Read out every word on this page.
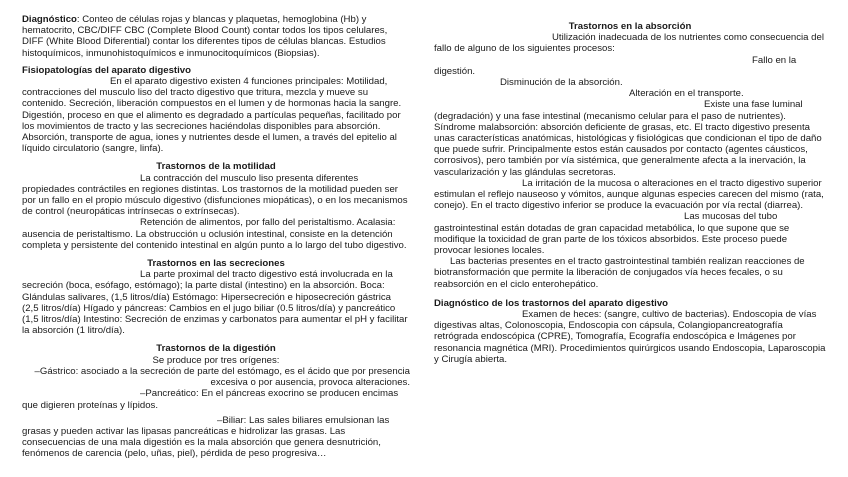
Diagnóstico: Conteo de células rojas y blancas y plaquetas, hemoglobina (Hb) y hematocrito, CBC/DIFF CBC (Complete Blood Count) contar todos los tipos celulares, DIFF (White Blood Diferential) contar los diferentes tipos de células blancas. Estudios histoquímicos, inmunohistoquímicos e inmunocitoquímicos (Biopsias).

Fisiopatologías del aparato digestivo

En el aparato digestivo existen 4 funciones principales: Motilidad, contracciones del musculo liso del tracto digestivo que tritura, mezcla y mueve su contenido. Secreción, liberación compuestos en el lumen y de hormonas hacia la sangre. Digestión, proceso en que el alimento es degradado a partículas pequeñas, facilitado por los movimientos de tracto y las secreciones haciéndolas disponibles para absorción. Absorción, transporte de agua, iones y nutrientes desde el lumen, a través del epitelio al líquido circulatorio (sangre, linfa).

Trastornos de la motilidad

La contracción del musculo liso presenta diferentes propiedades contráctiles en regiones distintas. Los trastornos de la motilidad pueden ser por un fallo en el propio músculo digestivo (disfunciones miopáticas), o en los mecanismos de control (neuropáticas intrínsecas o extrínsecas).

Retención de alimentos, por fallo del peristaltismo. Acalasia: ausencia de peristaltismo. La obstrucción u oclusión intestinal, consiste en la detención completa y persistente del contenido intestinal en algún punto a lo largo del tubo digestivo.

Trastornos en las secreciones

La parte proximal del tracto digestivo está involucrada en la secreción (boca, esófago, estómago); la parte distal (intestino) en la absorción. Boca: Glándulas salivares, (1,5 litros/día) Estómago: Hipersecreción e hiposecreción gástrica (2,5 litros/día) Hígado y páncreas: Cambios en el jugo biliar (0.5 litros/día) y pancreático (1,5 litros/día) Intestino: Secreción de enzimas y carbonatos para aumentar el pH y facilitar la absorción (1 litro/día).

Trastornos de la digestión

Se produce por tres orígenes:

–Gástrico: asociado a la secreción de parte del estómago, es el ácido que por presencia excesiva o por ausencia, provoca alteraciones.

–Pancreático: En el páncreas exocrino se producen encimas que digieren proteínas y lípidos.

–Biliar: Las sales biliares emulsionan las grasas y pueden activar las lipasas pancreáticas e hidrolizar las grasas. Las consecuencias de una mala digestión es la mala absorción que genera desnutrición, fenómenos de carencia (pelo, uñas, piel), pérdida de peso progresiva…

Trastornos en la absorción

Utilización inadecuada de los nutrientes como consecuencia del fallo de alguno de los siguientes procesos:

Fallo en la digestión.

Disminución de la absorción.

Alteración en el transporte.

Existe una fase luminal (degradación) y una fase intestinal (mecanismo celular para el paso de nutrientes). Síndrome malabsorción: absorción deficiente de grasas, etc. El tracto digestivo presenta unas características anatómicas, histológicas y fisiológicas que condicionan el tipo de daño que puede sufrir. Principalmente estos están causados por contacto (agentes cáusticos, corrosivos), pero también por vía sistémica, que generalmente afecta a la inervación, la vascularización y las glándulas secretoras.

La irritación de la mucosa o alteraciones en el tracto digestivo superior estimulan el reflejo nauseoso y vómitos, aunque algunas especies carecen del mismo (rata, conejo). En el tracto digestivo inferior se produce la evacuación por vía rectal (diarrea).

Las mucosas del tubo gastrointestinal están dotadas de gran capacidad metabólica, lo que supone que se modifique la toxicidad de gran parte de los tóxicos absorbidos. Este proceso puede provocar lesiones locales.

Las bacterias presentes en el tracto gastrointestinal también realizan reacciones de biotransformación que permite la liberación de conjugados vía heces fecales, o su reabsorción en el ciclo enterohepático.

Diagnóstico de los trastornos del aparato digestivo

Examen de heces: (sangre, cultivo de bacterias). Endoscopia de vías digestivas altas, Colonoscopia, Endoscopia con cápsula, Colangiopancreatografía retrógrada endoscópica (CPRE), Tomografía, Ecografía endoscópica e Imágenes por resonancia magnética (MRI). Procedimientos quirúrgicos usando Endoscopia, Laparoscopia y Cirugía abierta.
